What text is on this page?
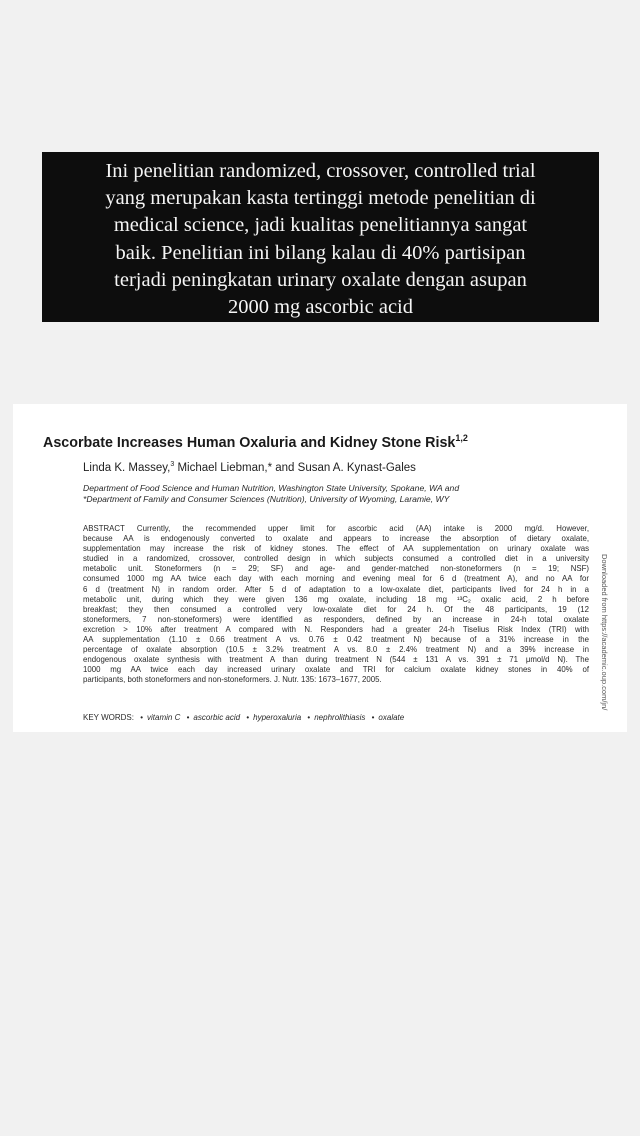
Ini penelitian randomized, crossover, controlled trial
yang merupakan kasta tertinggi metode penelitian di
medical science, jadi kualitas penelitiannya sangat
baik. Penelitian ini bilang kalau di 40% partisipan
terjadi peningkatan urinary oxalate dengan asupan
2000 mg ascorbic acid
Ascorbate Increases Human Oxaluria and Kidney Stone Risk$^{1,2}$
Linda K. Massey,$^3$ Michael Liebman,* and Susan A. Kynast-Gales
Department of Food Science and Human Nutrition, Washington State University, Spokane, WA and
*Department of Family and Consumer Sciences (Nutrition), University of Wyoming, Laramie, WY
ABSTRACT Currently, the recommended upper limit for ascorbic acid (AA) intake is 2000 mg/d. However,
because AA is endogenously converted to oxalate and appears to increase the absorption of dietary oxalate,
supplementation may increase the risk of kidney stones. The effect of AA supplementation on urinary oxalate was
studied in a randomized, crossover, controlled design in which subjects consumed a controlled diet in a university
metabolic unit. Stoneformers (n = 29; SF) and age- and gender-matched non-stoneformers (n = 19; NSF)
consumed 1000 mg AA twice each day with each morning and evening meal for 6 d (treatment A), and no AA for
6 d (treatment N) in random order. After 5 d of adaptation to a low-oxalate diet, participants lived for 24 h in a
metabolic unit, during which they were given 136 mg oxalate, including 18 mg ¹³C₂ oxalic acid, 2 h before
breakfast; they then consumed a controlled very low-oxalate diet for 24 h. Of the 48 participants, 19 (12
stoneformers, 7 non-stoneformers) were identified as responders, defined by an increase in 24-h total oxalate
excretion > 10% after treatment A compared with N. Responders had a greater 24-h Tiselius Risk Index (TRI) with
AA supplementation (1.10 ± 0.66 treatment A vs. 0.76 ± 0.42 treatment N) because of a 31% increase in the
percentage of oxalate absorption (10.5 ± 3.2% treatment A vs. 8.0 ± 2.4% treatment N) and a 39% increase in
endogenous oxalate synthesis with treatment A than during treatment N (544 ± 131 A vs. 391 ± 71 μmol/d N). The
1000 mg AA twice each day increased urinary oxalate and TRI for calcium oxalate kidney stones in 40% of
participants, both stoneformers and non-stoneformers. J. Nutr. 135: 1673–1677, 2005.
KEY WORDS: • vitamin C • ascorbic acid • hyperoxaluria • nephrolithiasis • oxalate
Downloaded from https://academic.oup.com/jn/
